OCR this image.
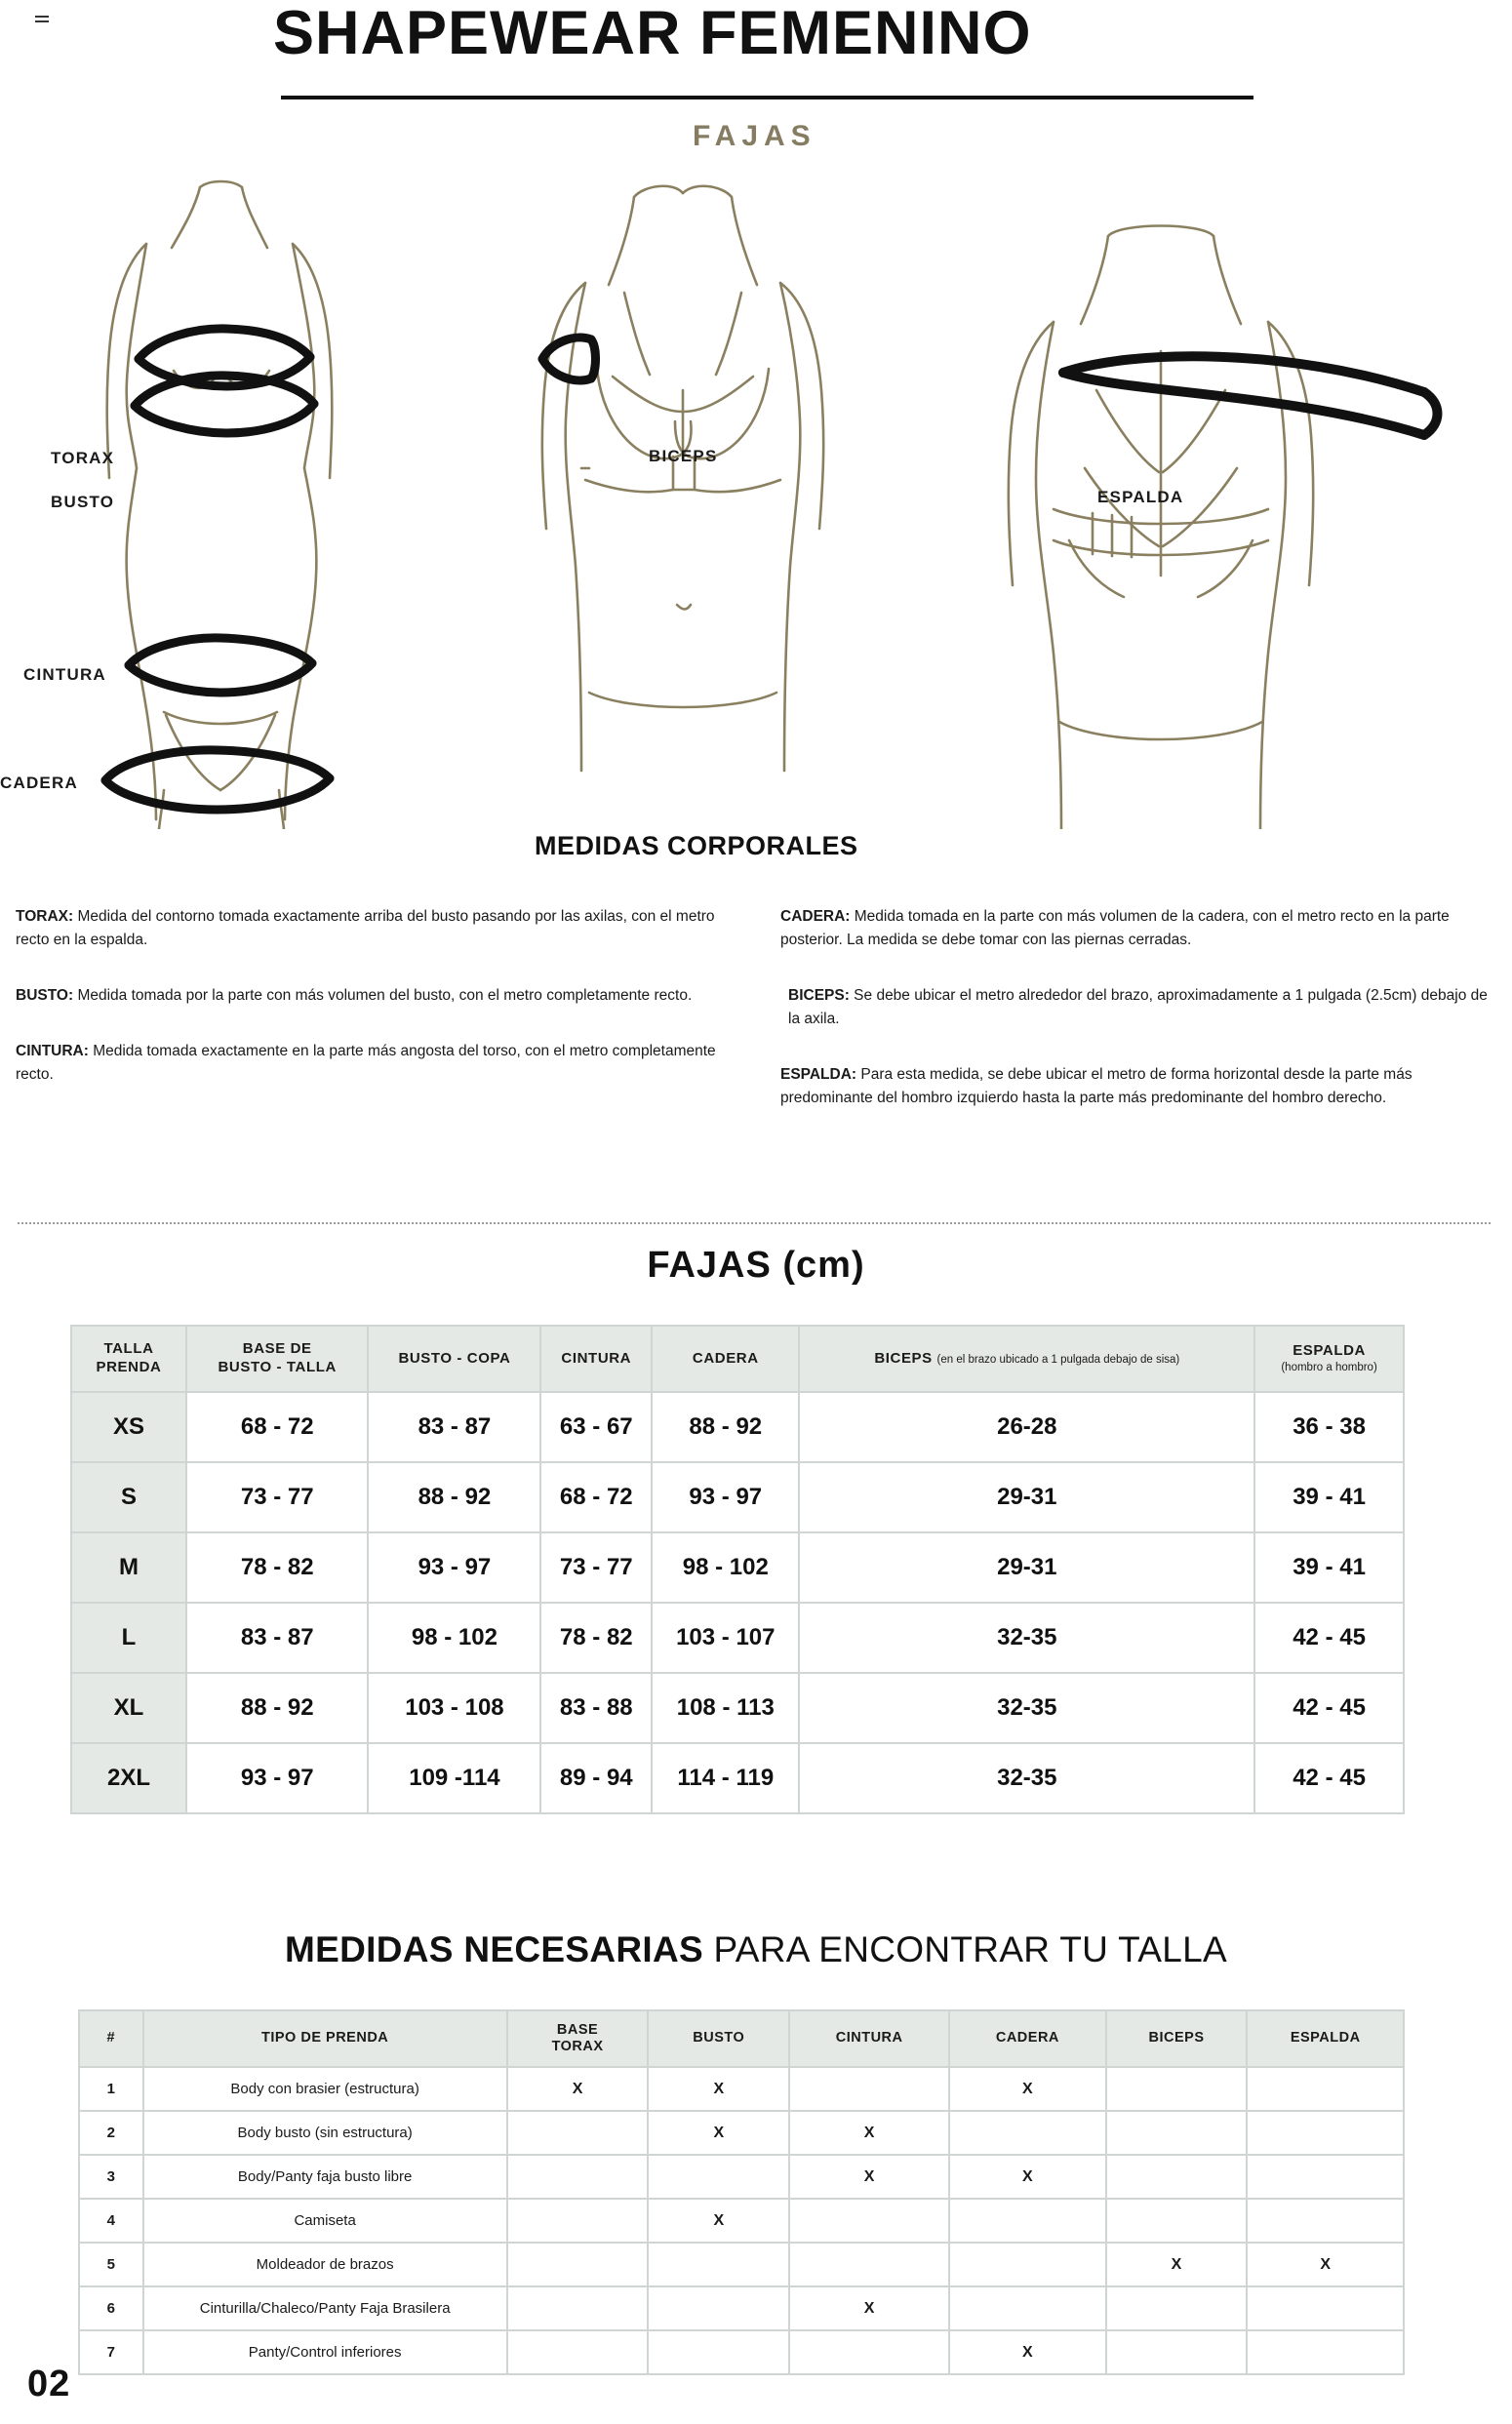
SHAPEWEAR FEMENINO
FAJAS
TORAX
BUSTO
CINTURA
CADERA
BICEPS
ESPALDA
MEDIDAS CORPORALES
TORAX: Medida del contorno tomada exactamente arriba del busto pasando por las axilas, con el metro recto en la espalda.
BUSTO: Medida tomada por la parte con más volumen del busto, con el metro completamente recto.
CINTURA: Medida tomada exactamente en la parte más angosta del torso, con el metro completamente recto.
CADERA: Medida tomada en la parte con más volumen de la cadera, con el metro recto en la parte posterior. La medida se debe tomar con las piernas cerradas.
BICEPS: Se debe ubicar el metro alrededor del brazo, aproximadamente a 1 pulgada (2.5cm) debajo de la axila.
ESPALDA: Para esta medida, se debe ubicar el metro de forma horizontal desde la parte más predominante del hombro izquierdo hasta la parte más predominante del hombro derecho.
FAJAS (cm)
TALLA
PRENDA	BASE DE
BUSTO - TALLA	BUSTO - COPA	CINTURA	CADERA	BICEPS (en el brazo ubicado a 1 pulgada debajo de sisa)	ESPALDA
(hombro a hombro)

XS	68 - 72	83 - 87	63 - 67	88 - 92	26-28	36 - 38
S	73 - 77	88 - 92	68 - 72	93 - 97	29-31	39 - 41
M	78 - 82	93 - 97	73 - 77	98 - 102	29-31	39 - 41
L	83 - 87	98 - 102	78 - 82	103 - 107	32-35	42 - 45
XL	88 - 92	103 - 108	83 - 88	108 - 113	32-35	42 - 45
2XL	93 - 97	109 -114	89 - 94	114 - 119	32-35	42 - 45
MEDIDAS NECESARIAS PARA ENCONTRAR TU TALLA
#	TIPO DE PRENDA	BASE
TORAX	BUSTO	CINTURA	CADERA	BICEPS	ESPALDA
1	Body con brasier (estructura)	X	X		X		
2	Body busto (sin estructura)		X	X			
3	Body/Panty faja busto libre			X	X		
4	Camiseta		X				
5	Moldeador de brazos					X	X
6	Cinturilla/Chaleco/Panty Faja Brasilera			X			
7	Panty/Control inferiores				X		
02
